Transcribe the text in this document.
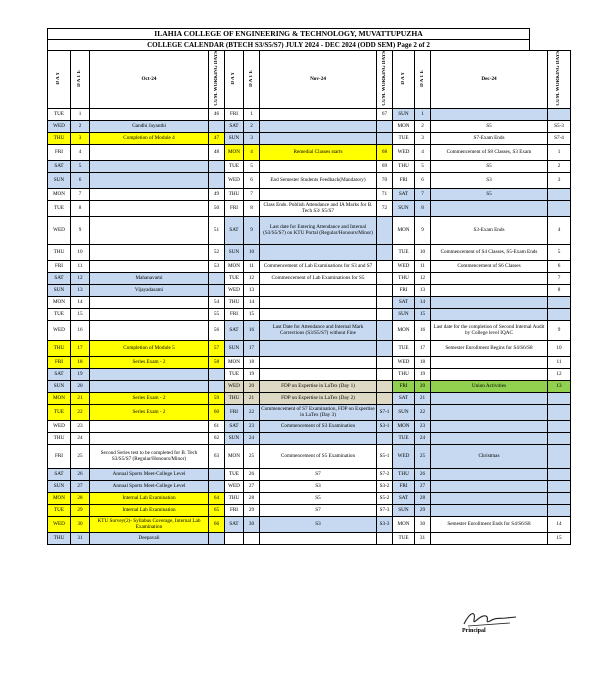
ILAHIA COLLEGE OF ENGINEERING & TECHNOLOGY, MUVATTUPUZHA
COLLEGE CALENDAR (BTECH S3/S5/S7) JULY 2024 - DEC 2024 (ODD SEM) Page 2 of 2
D A Y	D A T E	Oct-24	CUM. WORKING DAYS	D A Y	D A T E	Nov-24	CUM. WORKING DAYS	D A Y	D A T E	Dec-24	CUM. WORKING DAYS
TUE	1		46	FRI	1		67	SUN	1		
WED	2	Gandhi Jayanthi		SAT	2			MON	2	S5	S5-3
THU	3	Completion of Module 4	47	SUN	3			TUE	3	S7-Exam Ends	S7-4
FRI	4		48	MON	4	Remedial Classes starts	68	WED	4	Commencement of S8 Classes, S3 Exam	1
SAT	5			TUE	5		69	THU	5	S5	2
SUN	6			WED	6	End Semester Students Feedback(Mandatory)	70	FRI	6	S3	3
MON	7		49	THU	7		71	SAT	7	S5	
TUE	8		50	FRI	8	Class Ends. Publish Attendance and IA Marks for B. Tech S3/ S5/S7	72	SUN	8		
WED	9		51	SAT	9	Last date for Entering Attendance and Internal (S3/S5/S7) on KTU Portal (Regular/Honours/Minor)		MON	9	S3-Exam Ends	4
THU	10		52	SUN	10			TUE	10	Commencement of S4 Classes, S5-Exam Ends	5
FRI	11		53	MON	11	Commencement of Lab Examinations for S3 and S7		WED	11	Commencement of S6 Classes	6
SAT	12	Mahanavami		TUE	12	Commencement of Lab Examinations for S5		THU	12		7
SUN	13	Vijayadasami		WED	13			FRI	13		8
MON	14		54	THU	14			SAT	14		
TUE	15		55	FRI	15			SUN	15		
WED	16		56	SAT	16	Last Date for Attendance and Internal Mark Corrections (S3/S5/S7) without Fine		MON	16	Last date for the completion of Second Internal Audit by College level IQAC	9
THU	17	Completion of Module 5	57	SUN	17			TUE	17	Semester Enrollment Begins for S4/S6/S8	10
FRI	18	Series Exam - 2	58	MON	18			WED	18		11
SAT	19			TUE	19			THU	19		12
SUN	20			WED	20	FDP on Expertise in LaTex (Day 1)		FRI	20	Union Activities	13
MON	21	Series Exam - 2	59	THU	21	FDP on Expertise in LaTex (Day 2)		SAT	21		
TUE	22	Series Exam - 2	60	FRI	22	Commencement of S7 Examination, FDP on Expertise in LaTex (Day 3)	S7-1	SUN	22		
WED	23		61	SAT	23	Commencement of S3 Examination	S3-1	MON	23		
THU	24		62	SUN	24			TUE	24		
FRI	25	Second Series test to be completed for B. Tech S3/S5/S7 (Regular/Honours/Minor)	63	MON	25	Commencement of S5 Examination	S5-1	WED	25	Christmas	
SAT	26	Annual Sports Meet-College Level		TUE	26	S7	S7-2	THU	26		
SUN	27	Annual Sports Meet-College Level		WED	27	S3	S3-2	FRI	27		
MON	28	Internal Lab Examination	64	THU	28	S5	S5-2	SAT	28		
TUE	29	Internal Lab Examination	65	FRI	29	S7	S7-3	SUN	29		
WED	30	KTU Survey(2)- Syllabus Coverage, Internal Lab Examination	66	SAT	30	S3	S3-3	MON	30	Semester Enrollment Ends for S4/S6/S8	14
THU	31	Deepavali						TUE	31		15
Principal
